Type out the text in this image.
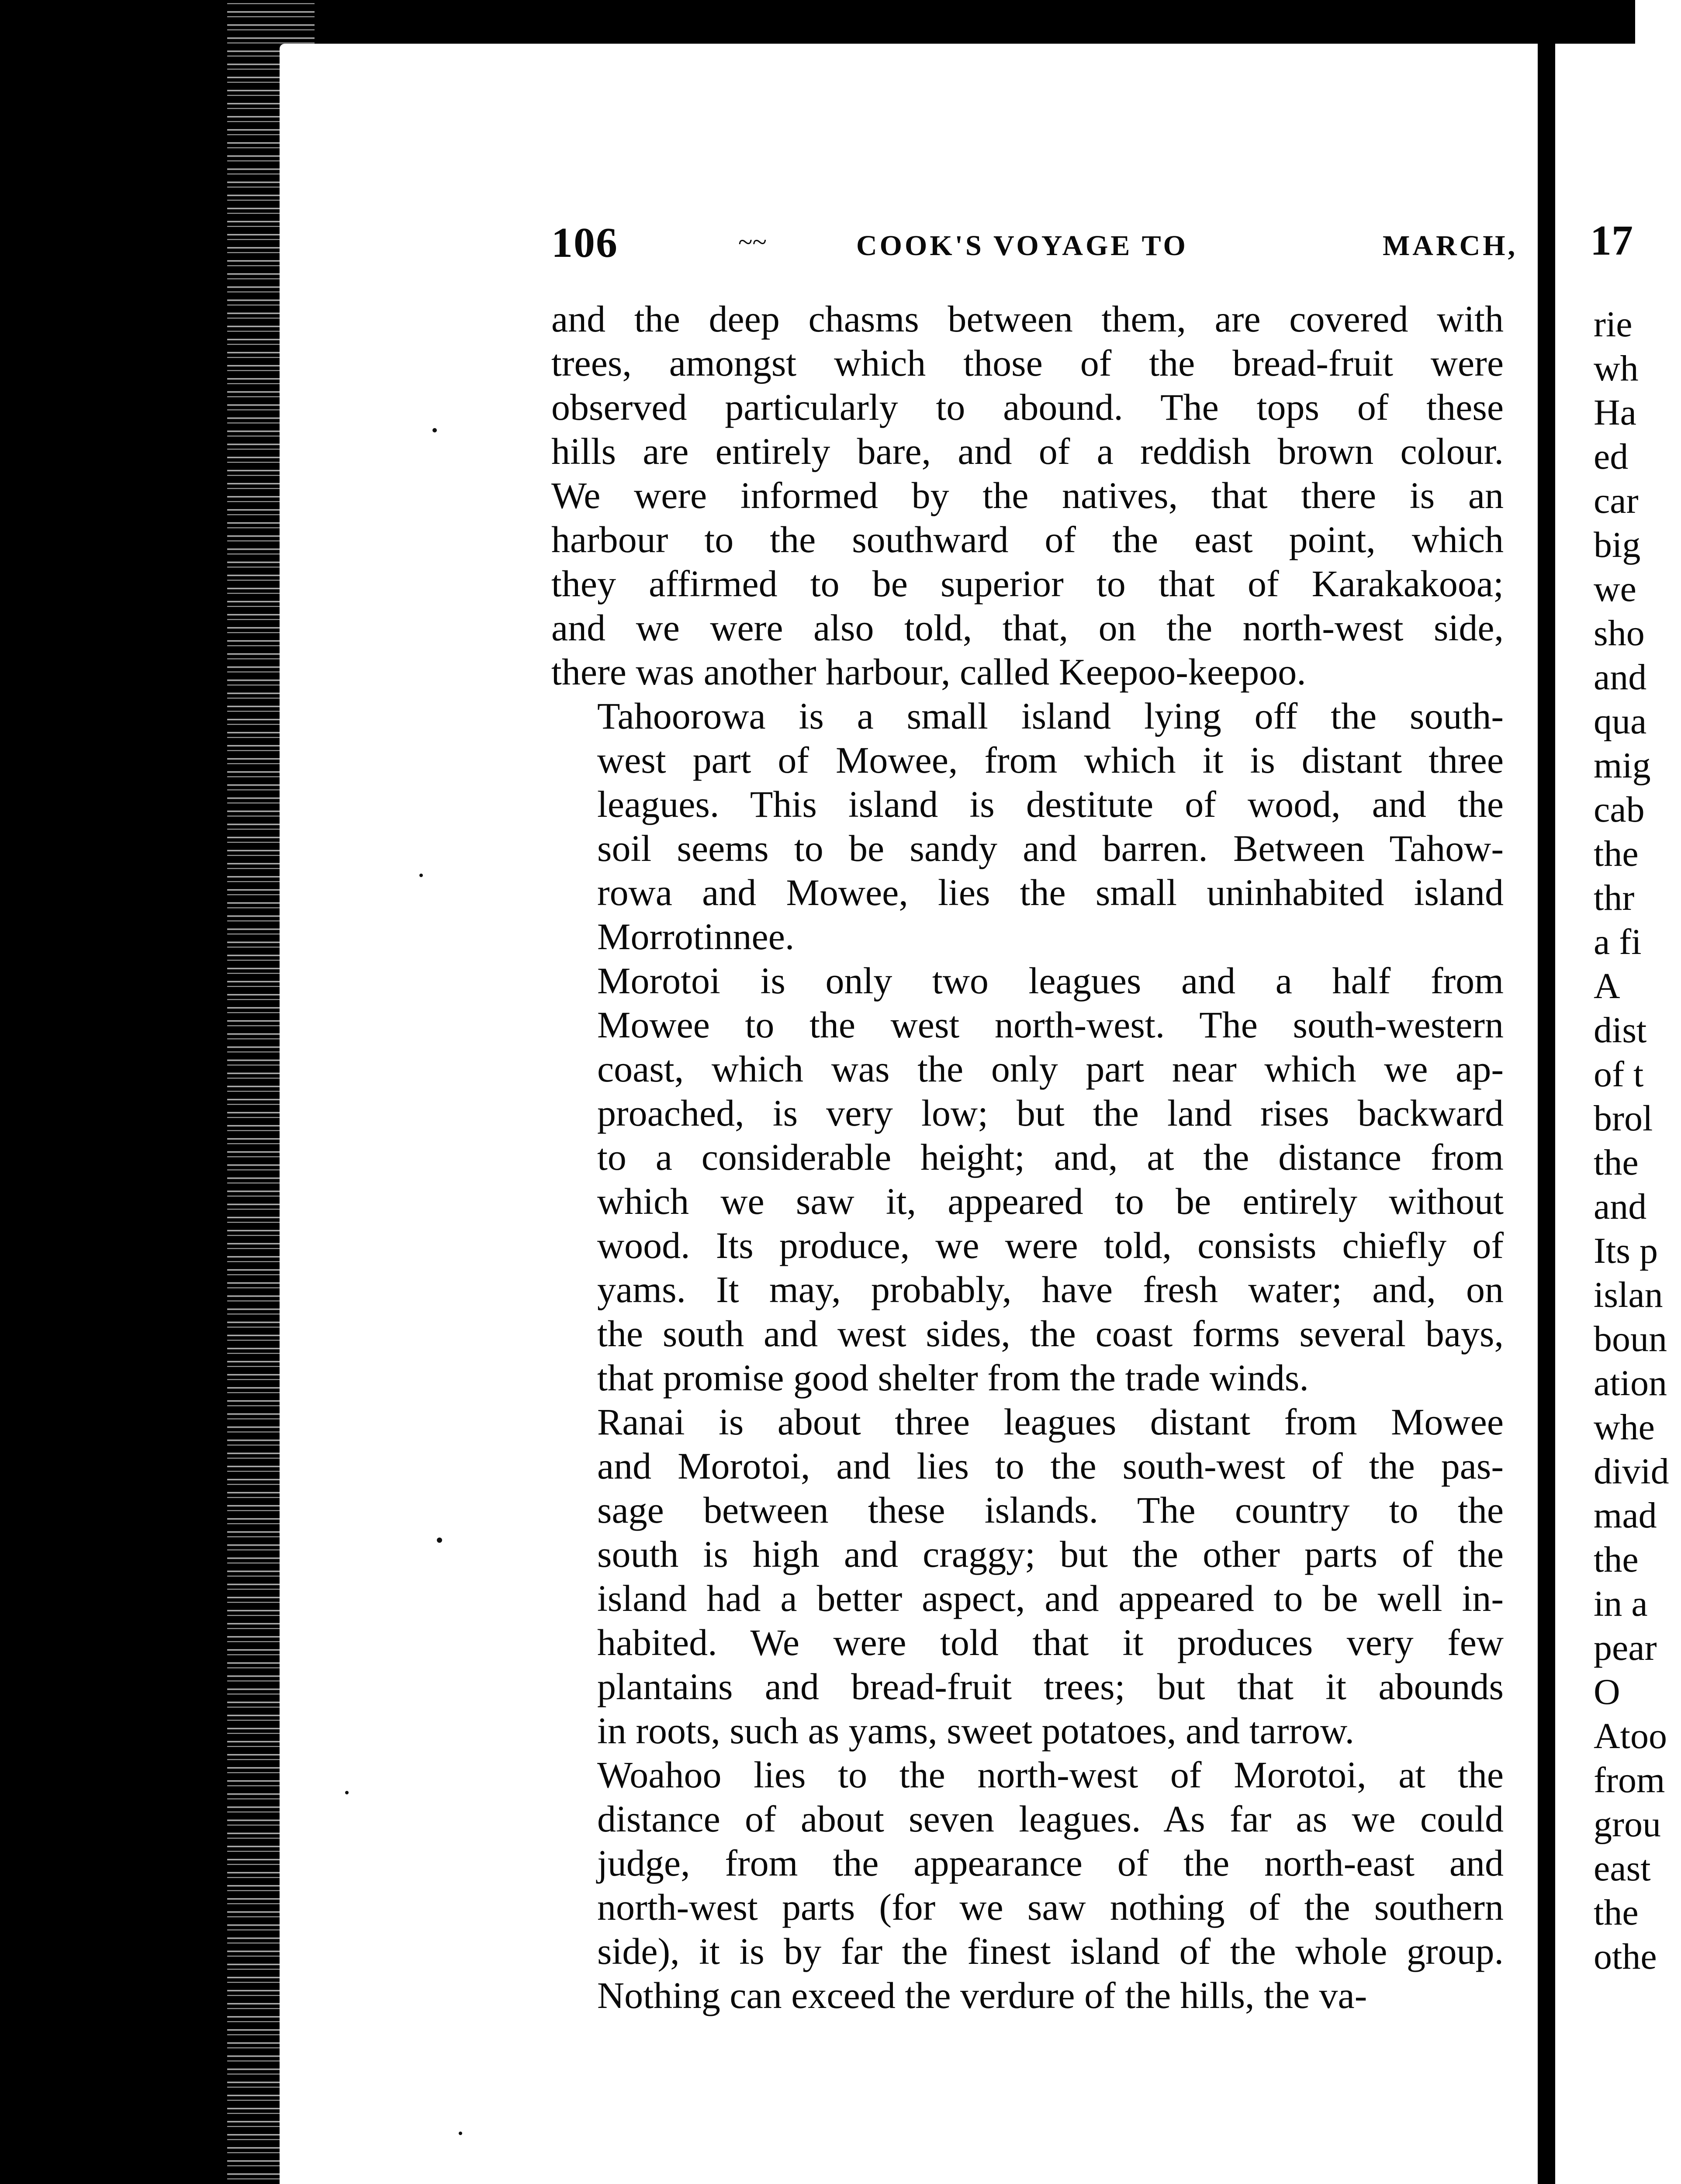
106	~~	COOK'S VOYAGE TO	MARCH,

and the deep chasms between them, are covered with
trees, amongst which those of the bread-fruit were
observed particularly to abound. The tops of these
hills are entirely bare, and of a reddish brown colour.
We were informed by the natives, that there is an
harbour to the southward of the east point, which
they affirmed to be superior to that of Karakakooa;
and we were also told, that, on the north-west side,
there was another harbour, called Keepoo-keepoo.

Tahoorowa is a small island lying off the south-
west part of Mowee, from which it is distant three
leagues. This island is destitute of wood, and the
soil seems to be sandy and barren. Between Tahow-
rowa and Mowee, lies the small uninhabited island
Morrotinnee.

Morotoi is only two leagues and a half from
Mowee to the west north-west. The south-western
coast, which was the only part near which we ap-
proached, is very low; but the land rises backward
to a considerable height; and, at the distance from
which we saw it, appeared to be entirely without
wood. Its produce, we were told, consists chiefly of
yams. It may, probably, have fresh water; and, on
the south and west sides, the coast forms several bays,
that promise good shelter from the trade winds.

Ranai is about three leagues distant from Mowee
and Morotoi, and lies to the south-west of the pas-
sage between these islands. The country to the
south is high and craggy; but the other parts of the
island had a better aspect, and appeared to be well in-
habited. We were told that it produces very few
plantains and bread-fruit trees; but that it abounds
in roots, such as yams, sweet potatoes, and tarrow.

Woahoo lies to the north-west of Morotoi, at the
distance of about seven leagues. As far as we could
judge, from the appearance of the north-east and
north-west parts (for we saw nothing of the southern
side), it is by far the finest island of the whole group.
Nothing can exceed the verdure of the hills, the va-

17
rie
wh
Ha
ed
car
big
we
sho
and
qua
mig
cab
the
thr
a fi
A
dist
of t
brol
the
and
Its p
islan
boun
ation
whe
divid
mad
the
in a
pear
O
Atoo
from
grou
east
the
othe
